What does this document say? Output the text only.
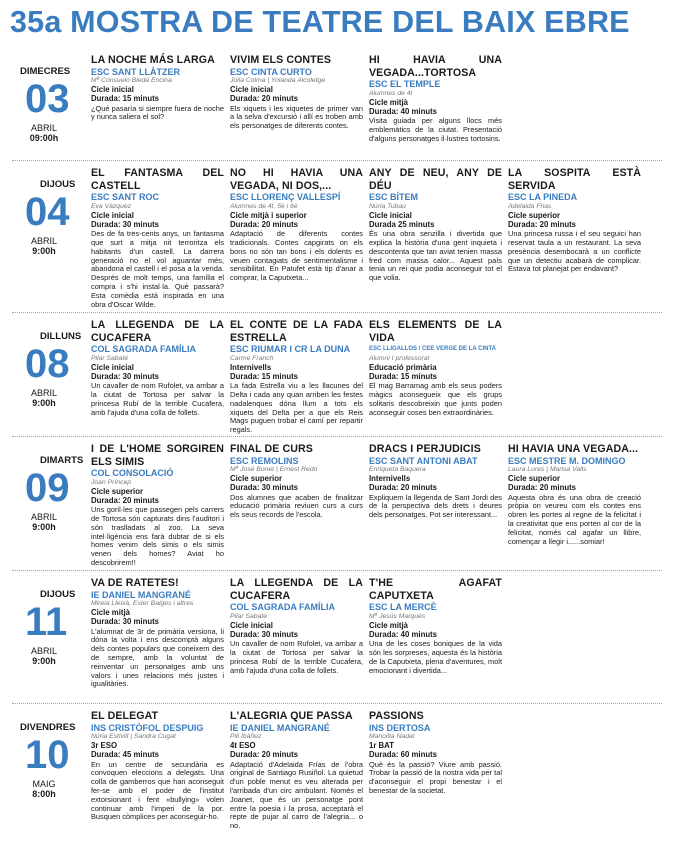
35a MOSTRA DE TEATRE DEL BAIX EBRE
DIMECRES
03
ABRIL
09:00h
DIJOUS
04
ABRIL
9:00h
DILLUNS
08
ABRIL
9:00h
DIMARTS
09
ABRIL
9:00h
DIJOUS
11
ABRIL
9:00h
DIVENDRES
10
MAIG
8:00h
LA NOCHE MÁS LARGA
ESC SANT LLÀTZER
Mª Consuelo Bleda Encina
Cicle inicial
Durada: 15 minuts
¿Qué pasaría si siempre fuera de noche y nunca saliera el sol?
VIVIM ELS CONTES
ESC CINTA CURTO
Júlia Colma | Yolanda Alcoletge
Cicle inicial
Durada: 20 minuts
Els xiquets i les xiquetes de primer van a la selva d'excursió i allí es troben amb els personatges de diferents contes.
HI HAVIA UNA VEGADA...TORTOSA
ESC EL TEMPLE
Alumnes de 4t
Cicle mitjà
Durada: 40 minuts
Visita guiada per alguns llocs més emblemàtics de la ciutat. Presentació d'alguns personatges il·lustres tortosins.
EL FANTASMA DEL CASTELL
ESC SANT ROC
Eva Vázquez
Cicle inicial
Durada: 30 minuts
Des de fa tres-cents anys, un fantasma que surt a mitja nit terroritza els habitants d'un castell. La darrera generació no el vol aguantar més, abandona el castell i el posa a la venda. Després de molt temps, una família el compra i s'hi instal·la. Què passarà? Esta comèdia està inspirada en una obra d'Oscar Wilde.
NO HI HAVIA UNA VEGADA, NI DOS,...
ESC LLORENÇ VALLESPÍ
Alumnes de 4t, 5è i 6è
Cicle mitjà i superior
Durada: 20 minuts
Adaptació de diferents contes tradicionals. Contes capgirats on els bons no són tan bons i els dolents es veuen contagiats de sentimentalisme i sensibilitat. En Patufet està tip d'anar a comprar, la Caputxeta...
ANY DE NEU, ANY DE DÉU
ESC BÍTEM
Núria Tubau
Cicle inicial
Durada 25 minuts
És una obra senzilla i divertida que explica la història d'una gent inquieta i descontenta que tan aviat tenien massa fred com massa calor... Aquest país tenia un rei que podia aconseguir tot el que volia.
LA SOSPITA ESTÀ SERVIDA
ESC LA PINEDA
Adelaida Frias
Cicle superior
Durada: 20 minuts
Una princesa russa i el seu seguici han reservat taula a un restaurant. La seva presència desembocarà a un conflicte que un detectiu acabarà de complicar. Estava tot planejat per endavant?
LA LLEGENDA DE LA CUCAFERA
COL SAGRADA FAMÍLIA
Pilar Sabaté
Cicle inicial
Durada: 30 minuts
Un cavaller de nom Rufolet, va arribar a la ciutat de Tortosa per salvar la princesa Rubí de la terrible Cucafera, amb l'ajuda d'una colla de follets.
EL CONTE DE LA FADA ESTRELLA
ESC RIUMAR I CR LA DUNA
Carme Franch
Internivells
Durada: 15 minuts
La fada Estrella viu a les llacunes del Delta i cada any quan arriben les festes nadalenques dóna llum a tots els xiquets del Delta per a que els Reis Mags puguen trobar el camí per repartir regals.
ELS ELEMENTS DE LA VIDA
ESC LLIGALLOS / CEE VERGE DE LA CINTA
Alumni I professorat
Educació primària
Durada: 15 minuts
El mag Barramag amb els seus poders màgics aconsegueix que els grups solitaris descobreixin que junts poden aconseguir coses ben extraordinàries.
I DE L'HOME SORGIREN ELS SIMIS
COL CONSOLACIÓ
Joan Príncep
Cicle superior
Durada: 20 minuts
Uns goril·les que passegen pels carrers de Tortosa són capturats dins l'auditori i són traslladats al zoo. La seva intel·ligència ens farà dubtar de si els homes venim dels simis o els simis venen dels homes? Aviat ho descobrirem!!
FINAL DE CURS
ESC REMOLINS
Mª José Bonet | Ernest Redó
Cicle superior
Durada: 30 minuts
Dos alumnes que acaben de finalitzar educació primària reviuen curs a curs els seus records de l'escola.
DRACS I PERJUDICIS
ESC SANT ANTONI ABAT
Enriqueta Baquera
Internivells
Durada: 20 minuts
Expliquem la llegenda de Sant Jordi des de la perspectiva dels drets i deures dels personatges. Pot ser interessant...
HI HAVIA UNA VEGADA...
ESC MESTRE M. DOMINGO
Laura Lores | Marisa Valls
Cicle superior
Durada: 20 minuts
Aquesta obra és una obra de creació pròpia on veureu com els contes ens obren les portes al regne de la felicitat i la creativitat que ens porten al cor de la felicitat, només cal agafar un llibre, començar a llegir i......somiar!
VA DE RATETES!
IE DANIEL MANGRANÉ
Mireia Lleixà, Ester Balges i altres
Cicle mitjà
Durada: 30 minuts
L'alumnat de 3r de primària versiona, li dóna la volta i ens descomptà alguns dels contes populars que coneixem des de sempre, amb la voluntat de reinventar un personatges amb uns valors i unes relacions més justes i igualitàries.
LA LLEGENDA DE LA CUCAFERA
COL SAGRADA FAMÍLIA
Pilar Sabaté
Cicle inicial
Durada: 30 minuts
Un cavaller de nom Rufolet, va arribar a la ciutat de Tortosa per salvar la princesa Rubí de la terrible Cucafera, amb l'ajuda d'una colla de follets.
T'HE AGAFAT CAPUTXETA
ESC LA MERCÈ
Mª Jesús Marqués
Cicle mitjà
Durada: 40 minuts
Una de les coses boniques de la vida són les sorpreses, aquesta és la història de la Caputxeta, plena d'aventures, molt emocionant i divertida...
EL DELEGAT
INS CRISTÒFOL DESPUIG
Núria Estivill | Sandra Cugat
3r ESO
Durada: 45 minuts
En un centre de secundària es convoquen eleccions a delegats. Una colla de gamberros que han aconseguit fer-se amb el poder de l'institut extorsionant i fent «bullying» volen continuar amb l'imperi de la por. Busquen còmplices per aconseguir-ho.
L'ALEGRIA QUE PASSA
IE DANIEL MANGRANÉ
Pili Ibáñez
4t ESO
Durada: 20 minuts
Adaptació d'Adelaida Frías de l'obra original de Santiago Rusiñol. La quietud d'un poble menut es veu alterada per l'arribada d'un circ ambulant. Només el Joanet, que és un personatge pont entre la poesia i la prosa, acceptarà el repte de pujar al carro de l'alegria... o no.
PASSIONS
INS DERTOSA
Manolita Nadal
1r BAT
Durada: 60 minuts
Què és la passió? Viure amb passió. Trobar la passió de la nostra vida per tal d'aconseguir el propi benestar i el benestar de la societat.
